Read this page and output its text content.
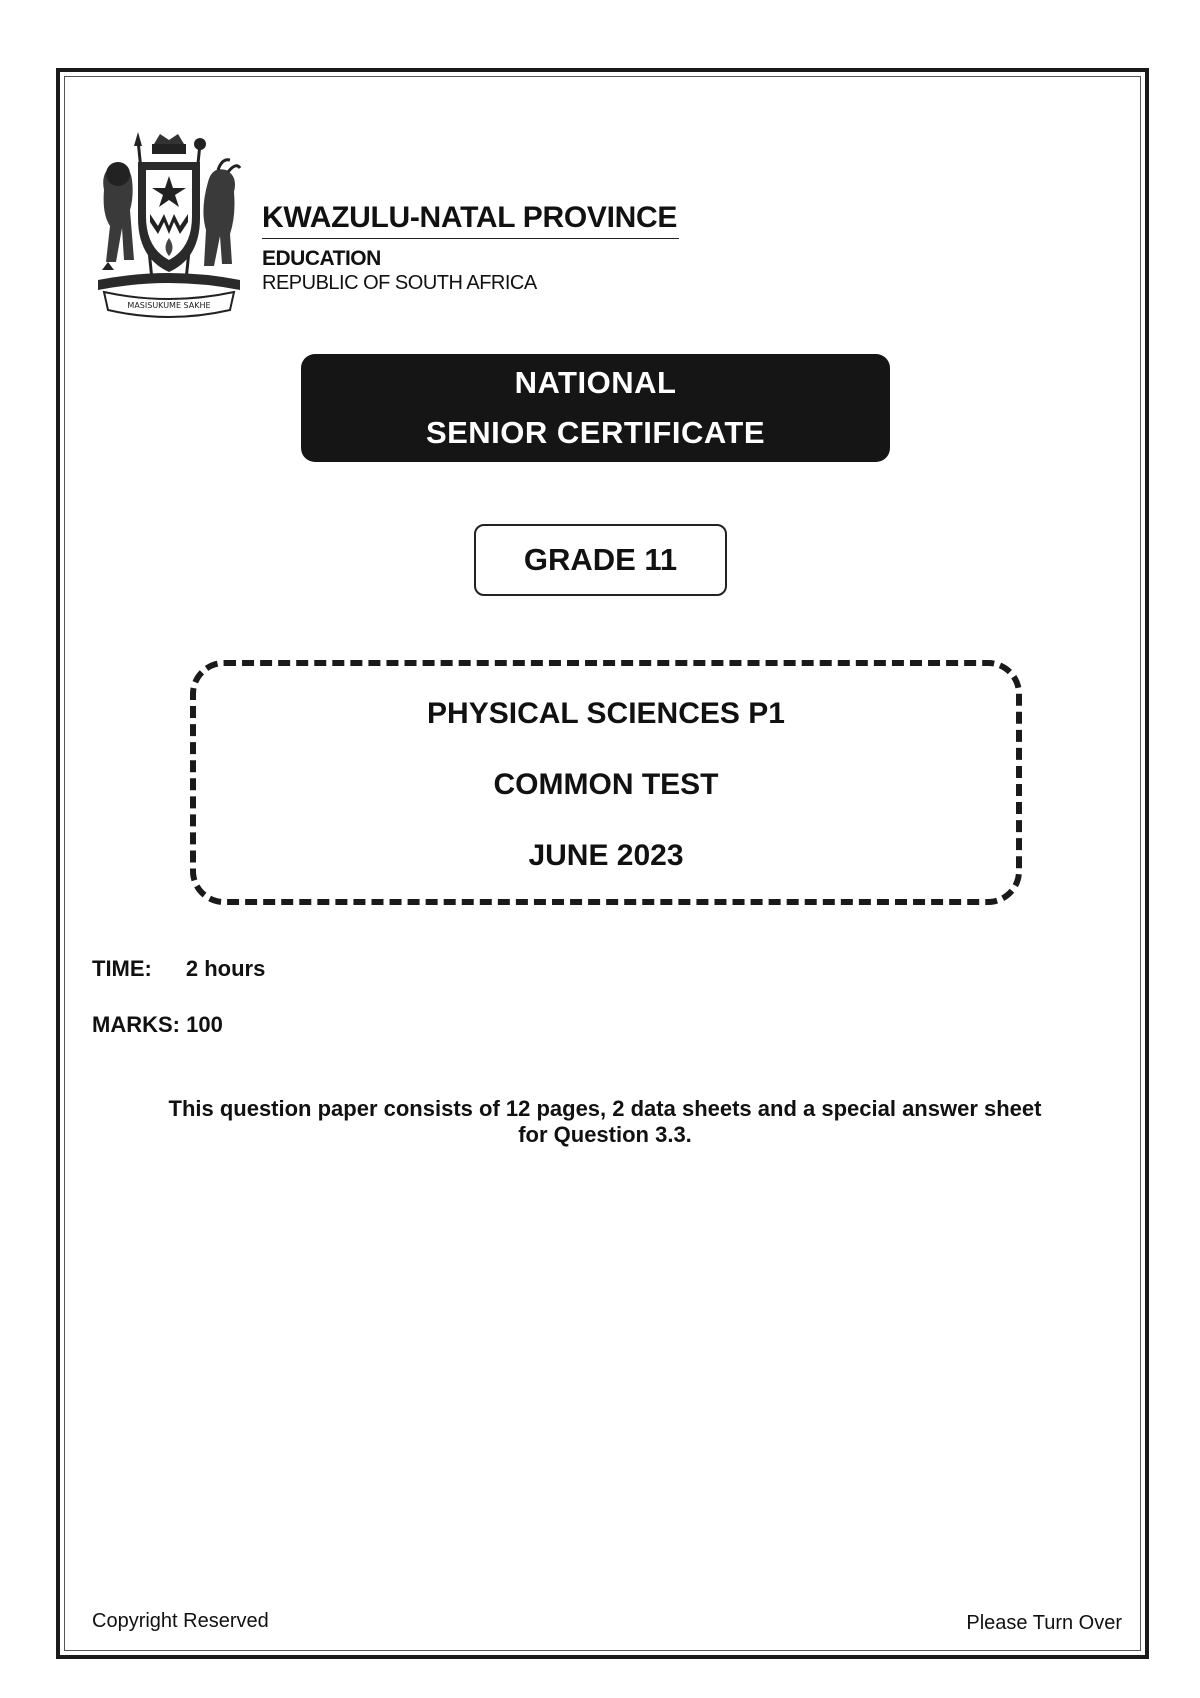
MASISUKUME SAKHE
KWAZULU-NATAL PROVINCE
EDUCATION
REPUBLIC OF SOUTH AFRICA
NATIONAL
SENIOR CERTIFICATE
GRADE 11
PHYSICAL SCIENCES P1
COMMON TEST
JUNE 2023
TIME: 2 hours
MARKS: 100
This question paper consists of 12 pages, 2 data sheets and a special answer sheet
for Question 3.3.
Copyright Reserved	Please Turn Over
